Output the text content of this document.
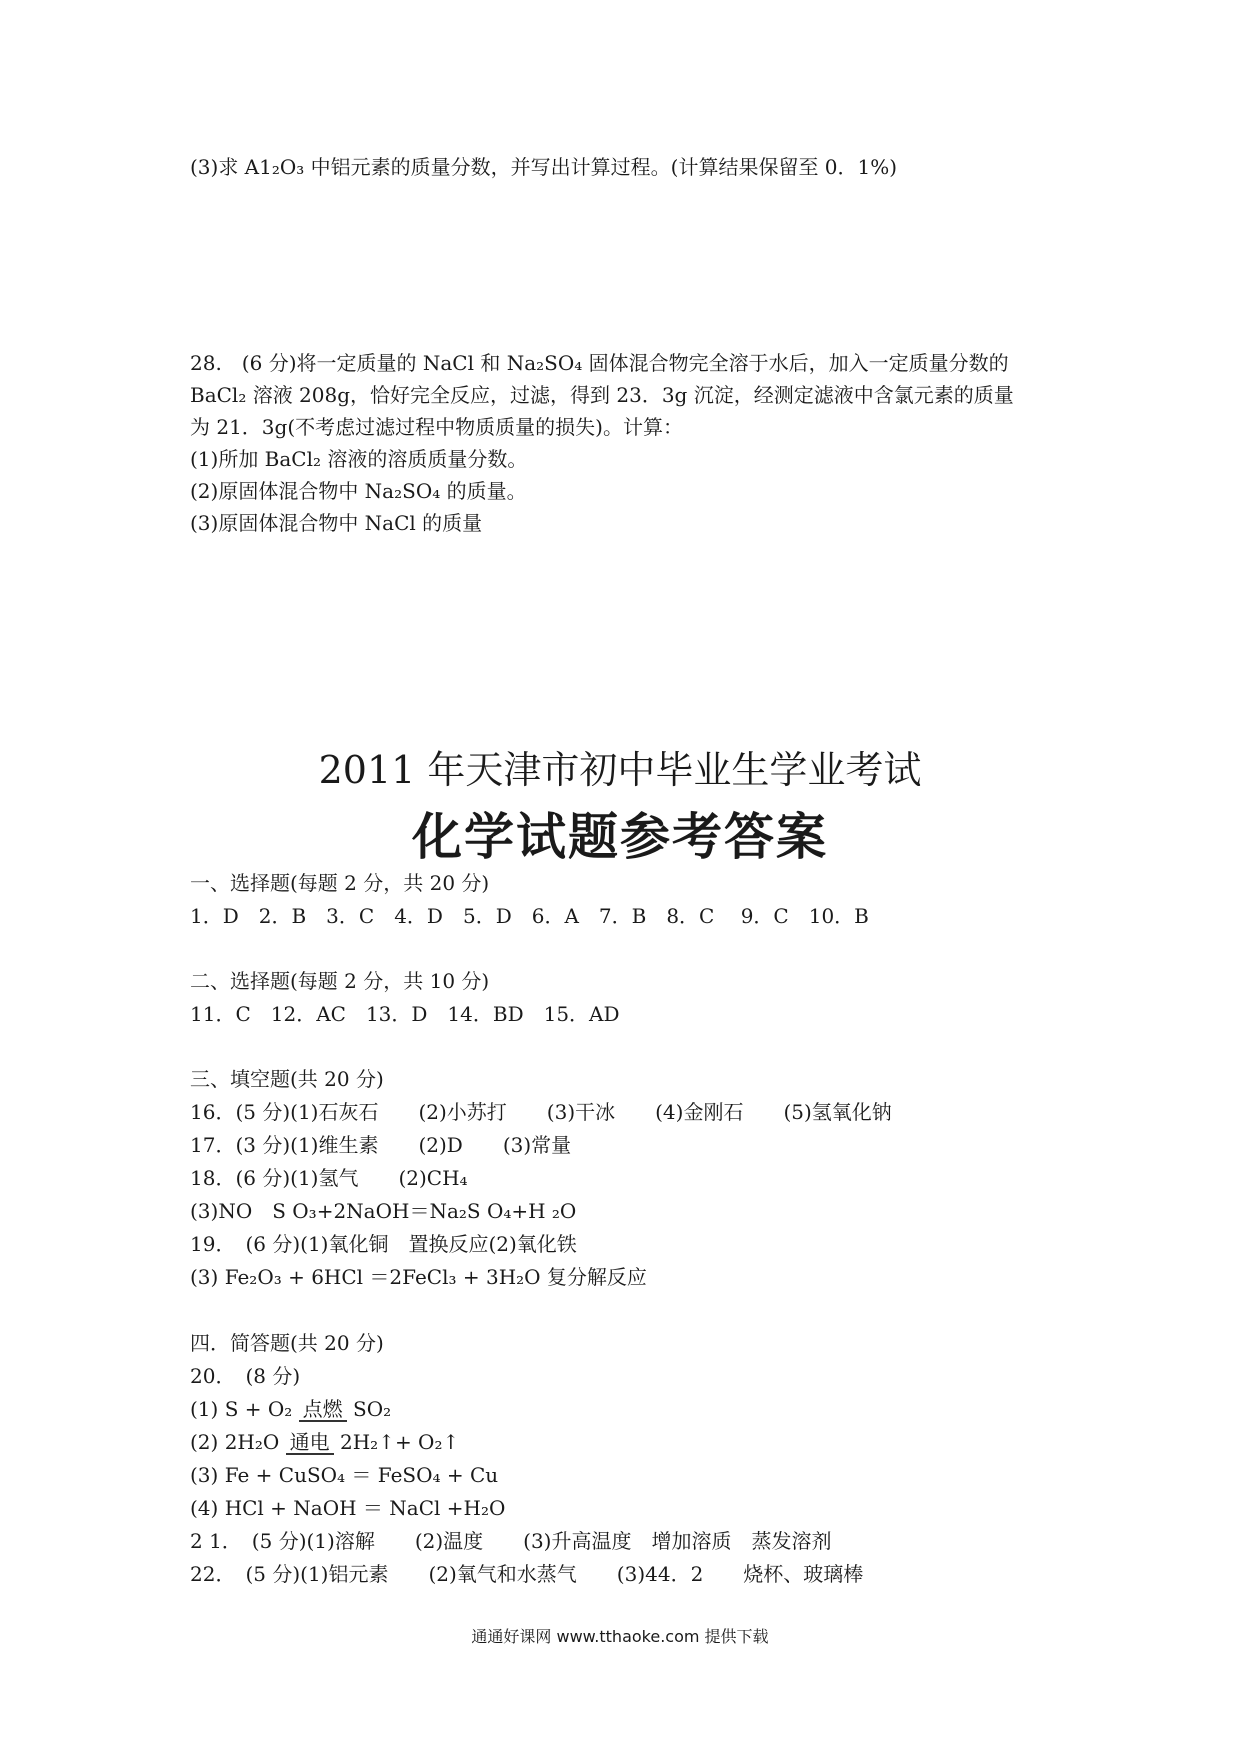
(3)求 A1₂O₃ 中铝元素的质量分数，并写出计算过程。(计算结果保留至 0．1%)
28.　(6 分)将一定质量的 NaCl 和 Na₂SO₄ 固体混合物完全溶于水后，加入一定质量分数的
BaCl₂ 溶液 208g，恰好完全反应，过滤，得到 23．3g 沉淀，经测定滤液中含氯元素的质量
为 21．3g(不考虑过滤过程中物质质量的损失)。计算：
(1)所加 BaCl₂ 溶液的溶质质量分数。
(2)原固体混合物中 Na₂SO₄ 的质量。
(3)原固体混合物中 NaCl 的质量
2011 年天津市初中毕业生学业考试
化学试题参考答案
一、选择题(每题 2 分，共 20 分)
1．D　2．B　3．C　4．D　5．D　6．A　7．B　8．C　 9．C　10．B
二、选择题(每题 2 分，共 10 分)
11．C　12．AC　13．D　14．BD　15．AD
三、填空题(共 20 分)
16．(5 分)(1)石灰石　　(2)小苏打　　(3)干冰　　(4)金刚石　　(5)氢氧化钠
17．(3 分)(1)维生素　　(2)D　　(3)常量
18．(6 分)(1)氢气　　(2)CH₄
(3)NO　S O₃+2NaOH＝Na₂S O₄+H ₂O
19．　(6 分)(1)氧化铜　置换反应(2)氧化铁
(3) Fe₂O₃ + 6HCl ＝2FeCl₃ + 3H₂O 复分解反应
四．简答题(共 20 分)
20．　(8 分)
(1) S + O₂ 点燃 SO₂
(2) 2H₂O 通电 2H₂↑+ O₂↑
(3) Fe + CuSO₄ ＝ FeSO₄ + Cu
(4) HCl + NaOH ＝ NaCl +H₂O
2 1．　(5 分)(1)溶解　　(2)温度　　(3)升高温度　增加溶质　蒸发溶剂
22．　(5 分)(1)铝元素　　(2)氧气和水蒸气　　(3)44．2　　烧杯、玻璃棒
通通好课网 www.tthaoke.com 提供下载
